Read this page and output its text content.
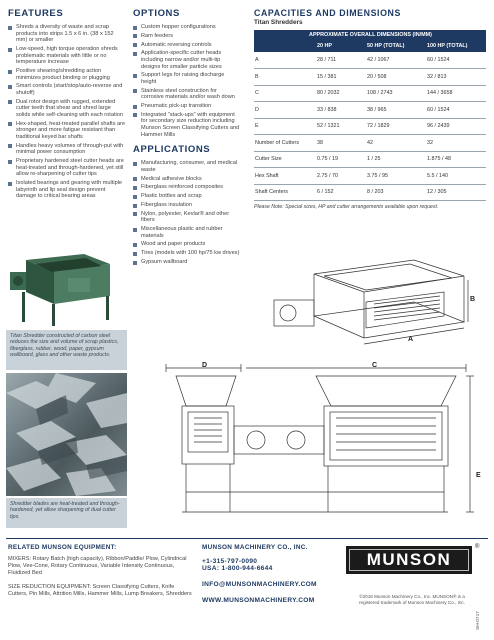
FEATURES
Shreds a diversity of waste and scrap products into strips 1.5 x 6 in. (38 x 152 mm) or smaller
Low-speed, high torque operation shreds problematic materials with little or no temperature increase
Positive shearing/shredding action minimizes product binding or plugging
Smart controls (start/stop/auto-reverse and shutoff)
Dual rotor design with rugged, extended cutter teeth that shear and shred large solids while self-cleaning with each rotation
Hex-shaped, heat-treated parallel shafts are stronger and more fatigue resistant than traditional keyed bar shafts
Handles heavy volumes of through-put with minimal power consumption
Proprietary hardened steel cutter heads are heat-treated and through-hardened, yet still allow re-sharpening of cutter tips
Isolated bearings and gearing with multiple labyrinth and lip seal design prevent damage to critical bearing areas
OPTIONS
Custom hopper configurations
Ram feeders
Automatic reversing controls
Application-specific cutter heads including narrow and/or multi-tip designs for smaller particle sizes
Support legs for raising discharge height
Stainless steel construction for corrosive materials and/or wash down
Pneumatic pick-up transition
Integrated "stack-ups" with equipment for secondary size reduction including Munson Screen Classifying Cutters and Hammer Mills
APPLICATIONS
Manufacturing, consumer, and medical waste
Medical adhesive blocks
Fiberglass reinforced composites
Plastic bottles and scrap
Fiberglass insulation
Nylon, polyester, Kevlar® and other fibers
Miscellaneous plastic and rubber materials
Wood and paper products
Tires (models with 100 hp/75 kw drives)
Gypsum wallboard
CAPACITIES AND DIMENSIONS
Titan Shredders
APPROXIMATE OVERALL DIMENSIONS (IN/MM)			
	20 HP	50 HP (TOTAL)	100 HP (TOTAL)
A	28 / 711	42 / 1067	60 / 1524
B	15 / 381	20 / 508	32 / 813
C	80 / 2032	108 / 2743	144 / 3658
D	33 / 838	38 / 965	60 / 1524
E	52 / 1321	72 / 1829	96 / 2439
Number of Cutters	38	42	32
Cutter Size	0.75 / 19	1 / 25	1.875 / 48
Hex Shaft	2.75 / 70	3.75 / 95	5.5 / 140
Shaft Centers	6 / 152	8 / 203	12 / 305
Please Note: Special sizes, HP and cutter arrangements available upon request.
Titan Shredder constructed of carbon steel reduces the size and volume of scrap plastics, fiberglass, rubber, wood, paper, gypsum wallboard, glass and other waste products.
Shredder blades are heat-treated and through-hardened, yet allow sharpening of dual cutter tips.
A
B
D	C
E
RELATED MUNSON EQUIPMENT:
MIXERS: Rotary Batch (high capacity), Ribbon/Paddle/ Plow, Cylindrical Plow, Vee-Cone, Rotary Continuous, Variable Intensity Continuous, Fluidized Bed
SIZE REDUCTION EQUIPMENT: Screen Classifying Cutters, Knife Cutters, Pin Mills, Attrition Mills, Hammer Mills, Lump Breakers, Shredders
MUNSON MACHINERY CO., INC.
+1-315-797-0090
USA: 1-800-944-6644
INFO@MUNSONMACHINERY.COM
WWW.MUNSONMACHINERY.COM
MUNSON
®
©2016 Munson Machinery Co., Inc. MUNSON® is a registered trademark of Munson Machinery Co., Inc.
SH-0717
